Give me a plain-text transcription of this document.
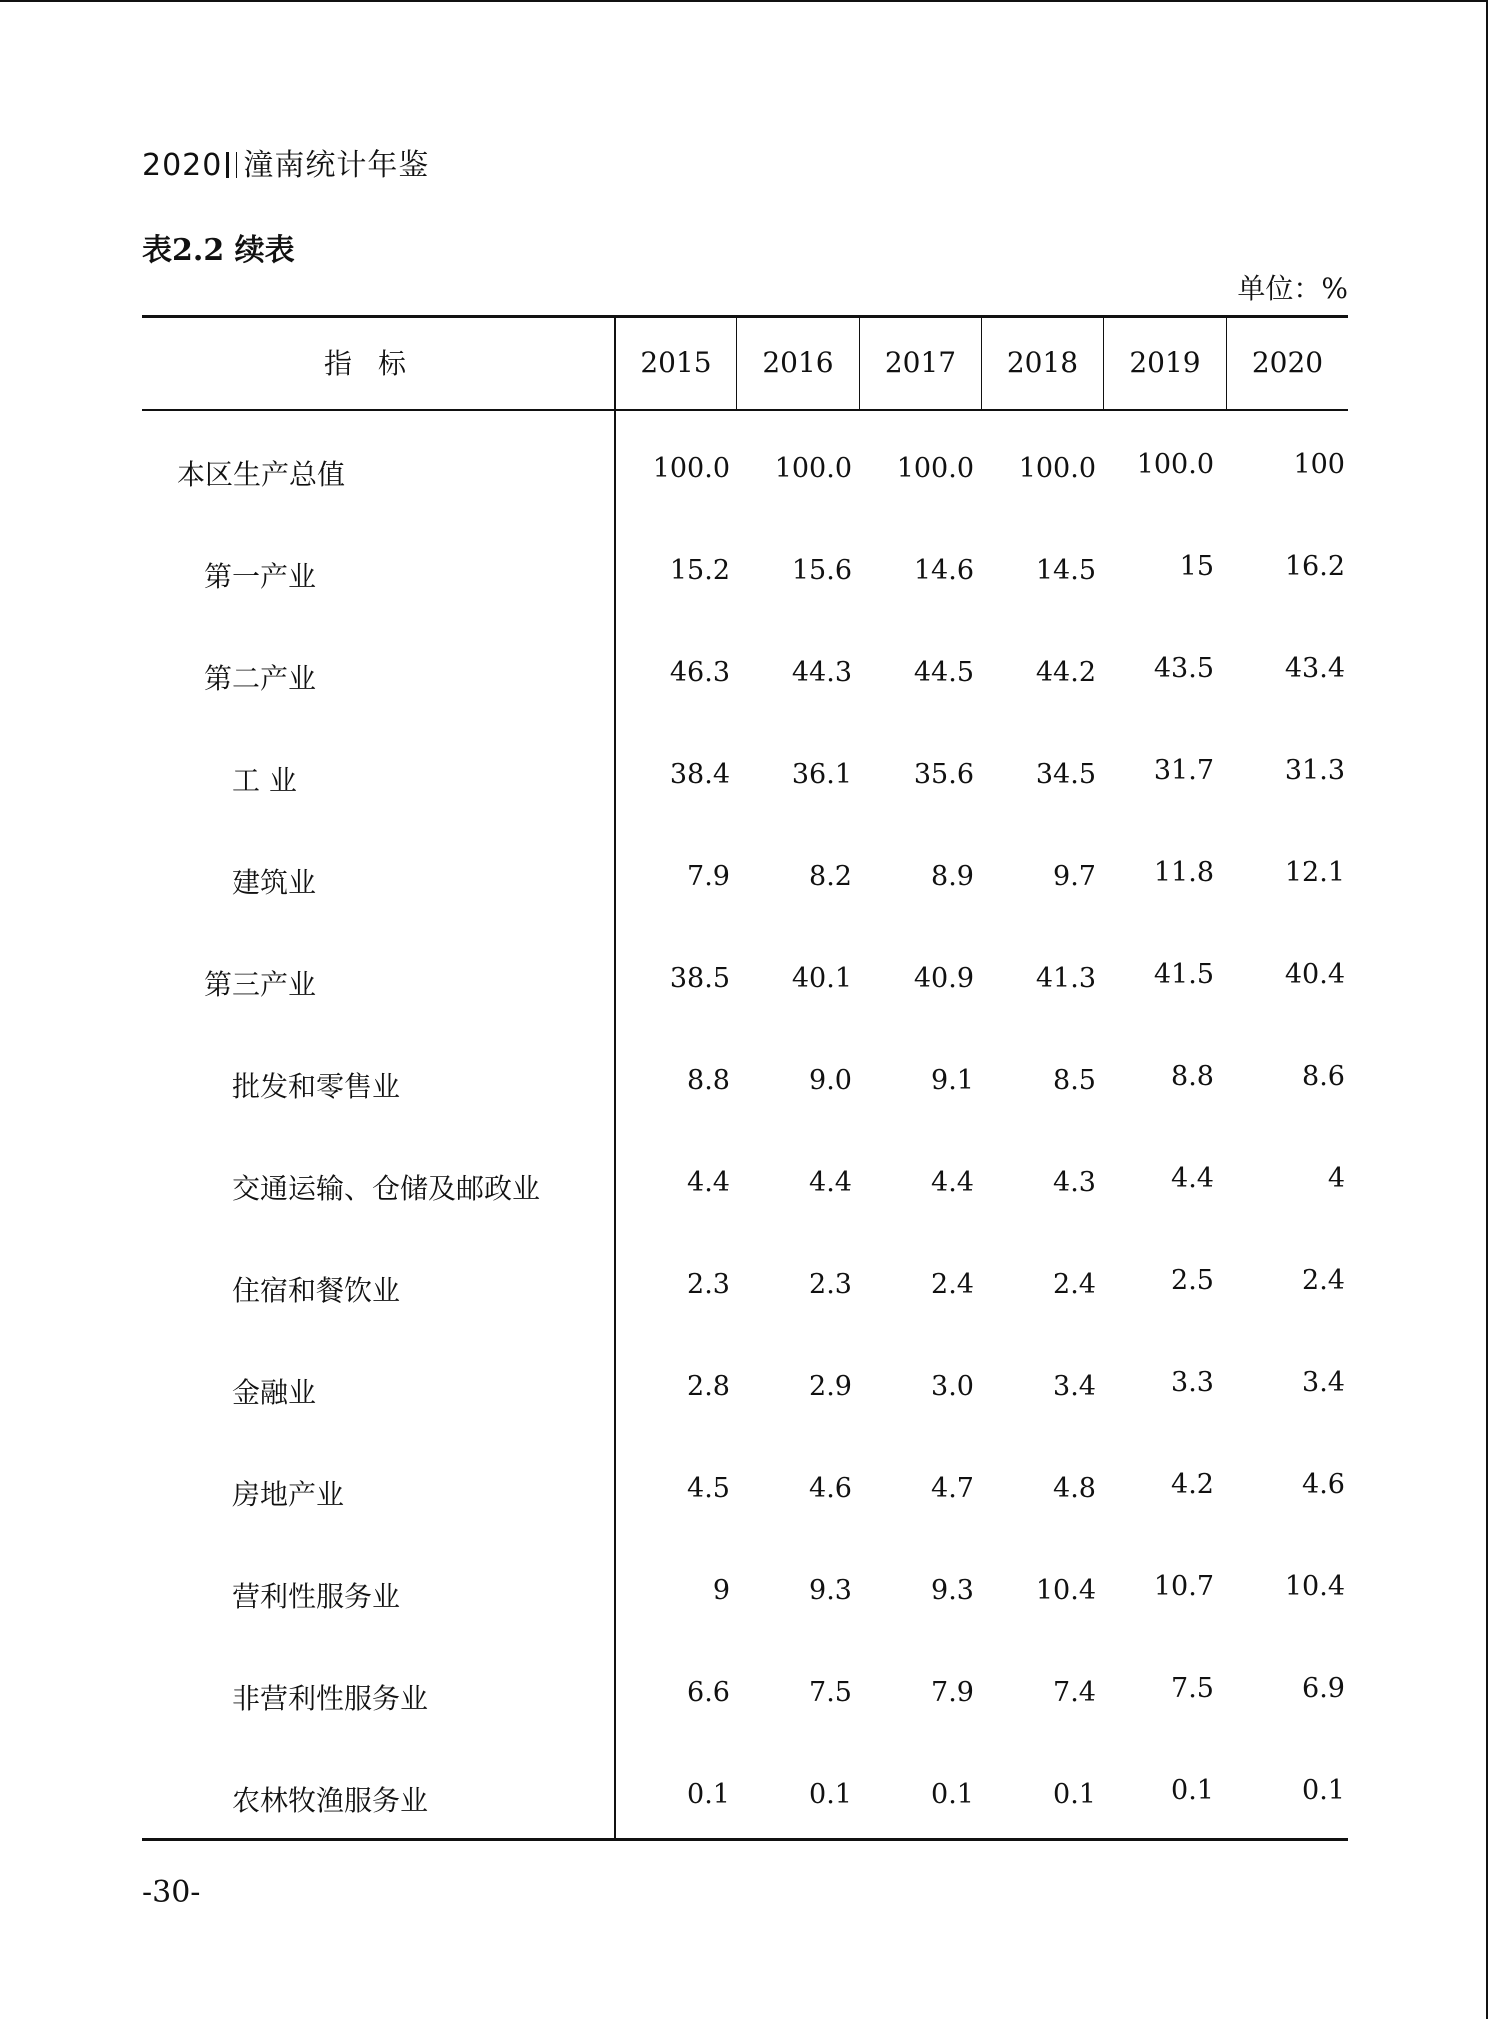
2020 潼南统计年鉴
表2.2 续表
单位：%
指标	2015	2016	2017	2018	2019	2020
本区生产总值	100.0	100.0	100.0	100.0	100.0	100
第一产业	15.2	15.6	14.6	14.5	15	16.2
第二产业	46.3	44.3	44.5	44.2	43.5	43.4
工 业	38.4	36.1	35.6	34.5	31.7	31.3
建筑业	7.9	8.2	8.9	9.7	11.8	12.1
第三产业	38.5	40.1	40.9	41.3	41.5	40.4
批发和零售业	8.8	9.0	9.1	8.5	8.8	8.6
交通运输、仓储及邮政业	4.4	4.4	4.4	4.3	4.4	4
住宿和餐饮业	2.3	2.3	2.4	2.4	2.5	2.4
金融业	2.8	2.9	3.0	3.4	3.3	3.4
房地产业	4.5	4.6	4.7	4.8	4.2	4.6
营利性服务业	9	9.3	9.3	10.4	10.7	10.4
非营利性服务业	6.6	7.5	7.9	7.4	7.5	6.9
农林牧渔服务业	0.1	0.1	0.1	0.1	0.1	0.1
-30-
